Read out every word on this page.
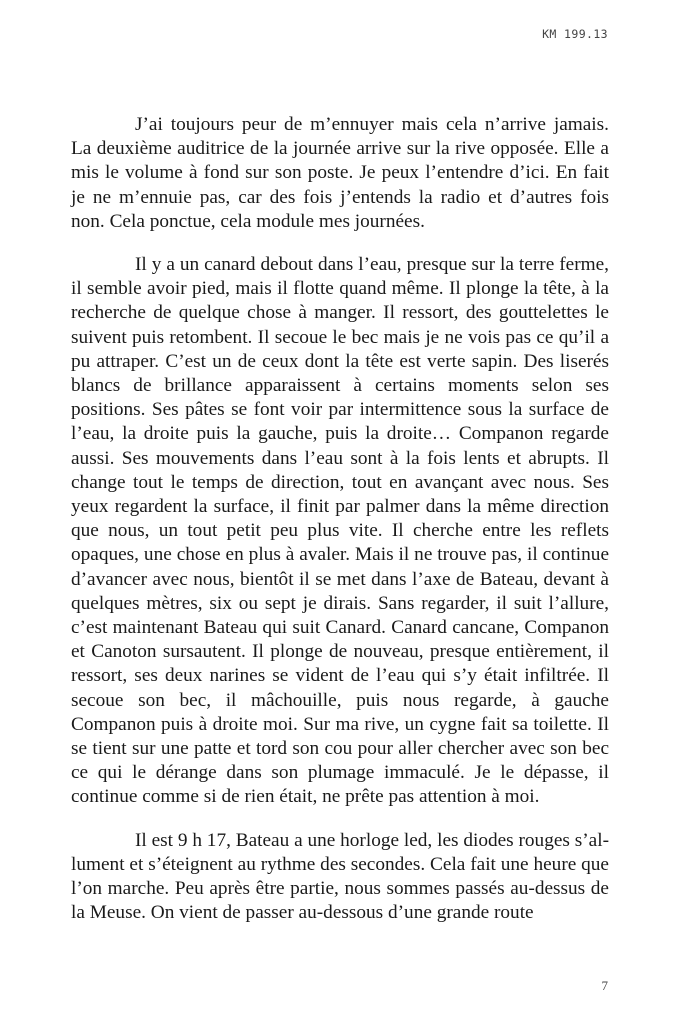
KM 199.13

J’ai toujours peur de m’ennuyer mais cela n’arrive jamais. La deuxième auditrice de la journée arrive sur la rive opposée. Elle a mis le volume à fond sur son poste. Je peux l’entendre d’ici. En fait je ne m’ennuie pas, car des fois j’entends la radio et d’autres fois non. Cela ponctue, cela module mes journées.

Il y a un canard debout dans l’eau, presque sur la terre ferme, il semble avoir pied, mais il flotte quand même. Il plonge la tête, à la recherche de quelque chose à manger. Il ressort, des gouttelettes le suivent puis retombent. Il secoue le bec mais je ne vois pas ce qu’il a pu attraper. C’est un de ceux dont la tête est verte sapin. Des liserés blancs de brillance apparaissent à certains moments selon ses positions. Ses pâtes se font voir par intermittence sous la surface de l’eau, la droite puis la gauche, puis la droite… Companon regarde aussi. Ses mouvements dans l’eau sont à la fois lents et abrupts. Il change tout le temps de direction, tout en avançant avec nous. Ses yeux regardent la surface, il finit par palmer dans la même direction que nous, un tout petit peu plus vite. Il cherche entre les reflets opaques, une chose en plus à avaler. Mais il ne trouve pas, il continue d’avancer avec nous, bientôt il se met dans l’axe de Bateau, devant à quelques mètres, six ou sept je dirais. Sans regarder, il suit l’allure, c’est maintenant Bateau qui suit Canard. Canard cancane, Companon et Canoton sursautent. Il plonge de nouveau, presque entièrement, il ressort, ses deux narines se vident de l’eau qui s’y était infiltrée. Il secoue son bec, il mâchouille, puis nous regarde, à gauche Companon puis à droite moi. Sur ma rive, un cygne fait sa toilette. Il se tient sur une patte et tord son cou pour aller chercher avec son bec ce qui le dérange dans son plumage immaculé. Je le dépasse, il continue comme si de rien était, ne prête pas attention à moi.

Il est 9 h 17, Bateau a une horloge led, les diodes rouges s’allument et s’éteignent au rythme des secondes. Cela fait une heure que l’on marche. Peu après être partie, nous sommes passés au-dessus de la Meuse. On vient de passer au-dessous d’une grande route

7
